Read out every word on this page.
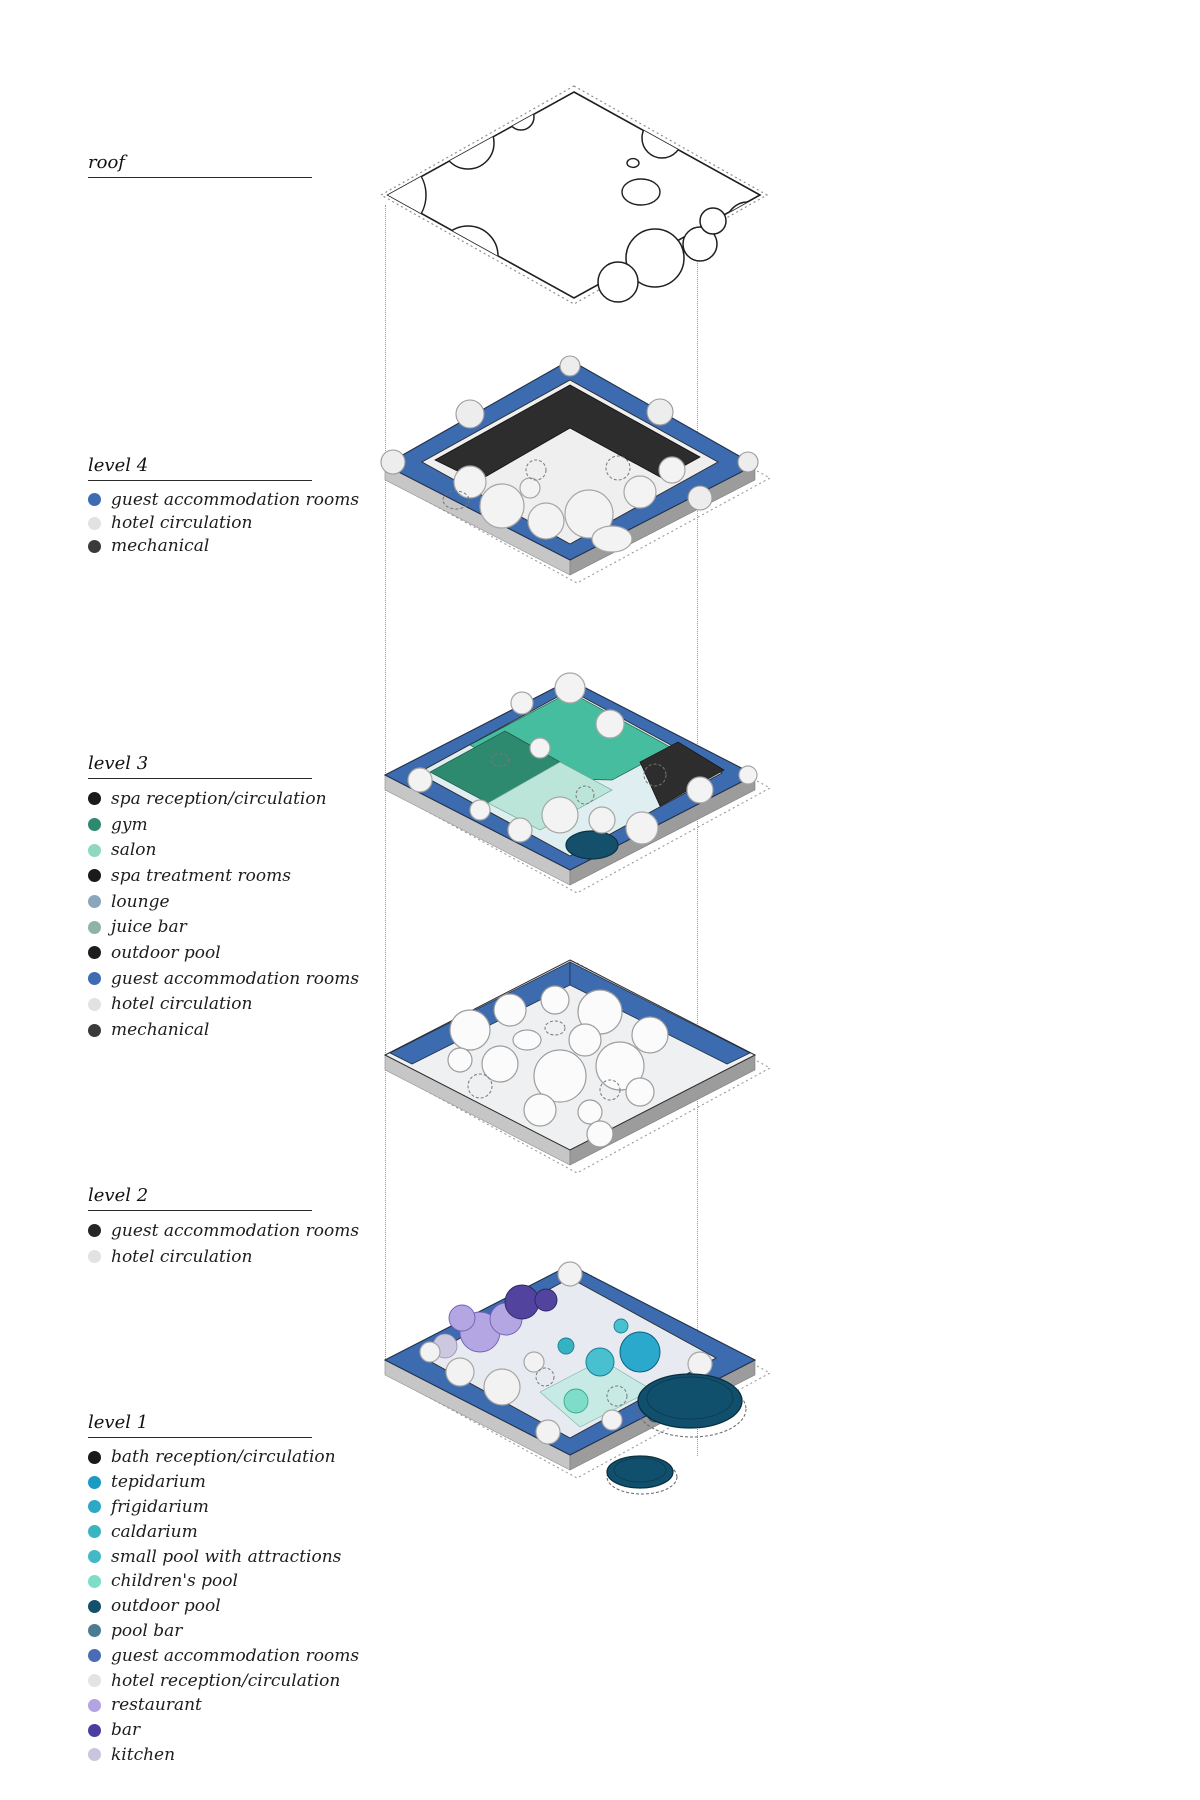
roof
level 4
guest accommodation rooms
hotel circulation
mechanical
level 3
spa reception/circulation
gym
salon
spa treatment rooms
lounge
juice bar
outdoor pool
guest accommodation rooms
hotel circulation
mechanical
level 2
guest accommodation rooms
hotel circulation
level 1
bath reception/circulation
tepidarium
frigidarium
caldarium
small pool with attractions
children's pool
outdoor pool
pool bar
guest accommodation rooms
hotel reception/circulation
restaurant
bar
kitchen
